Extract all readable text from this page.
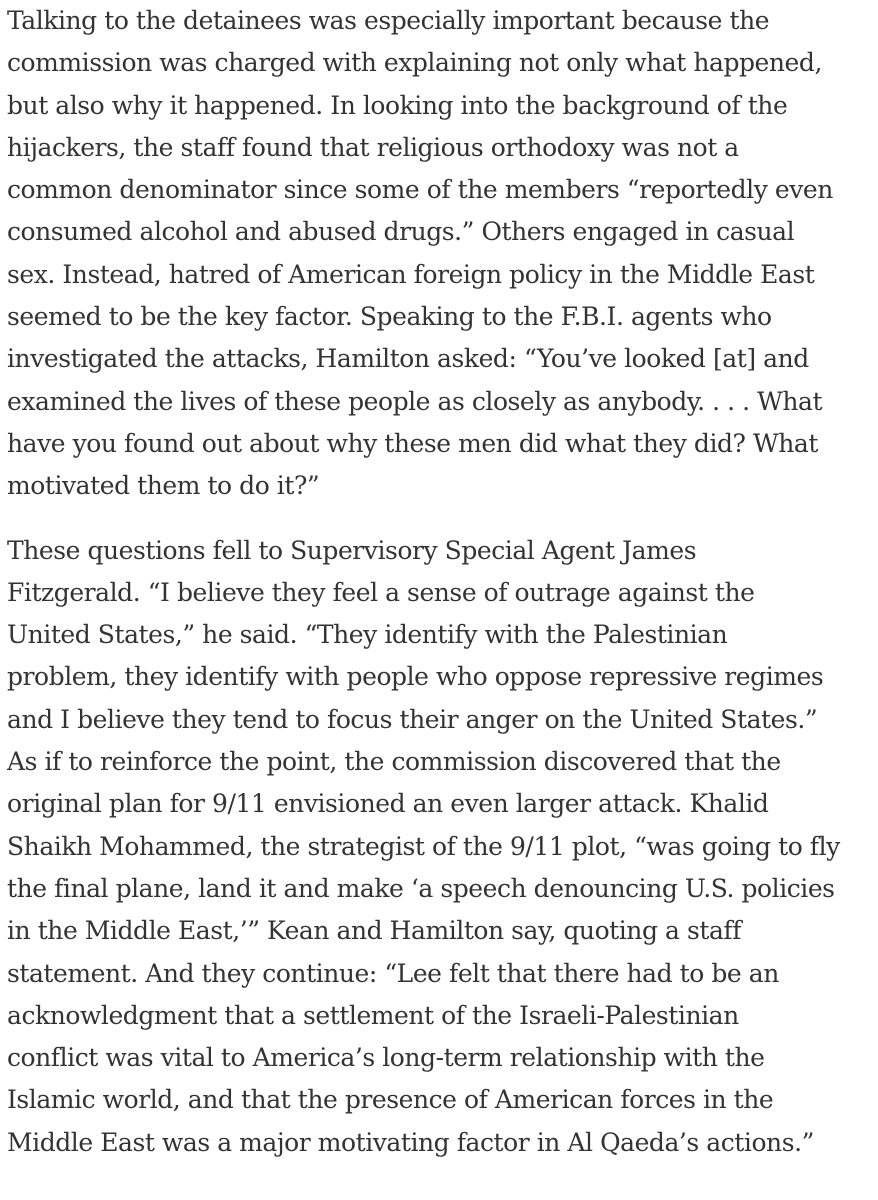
Talking to the detainees was especially important because the
commission was charged with explaining not only what happened,
but also why it happened. In looking into the background of the
hijackers, the staff found that religious orthodoxy was not a
common denominator since some of the members “reportedly even
consumed alcohol and abused drugs.” Others engaged in casual
sex. Instead, hatred of American foreign policy in the Middle East
seemed to be the key factor. Speaking to the F.B.I. agents who
investigated the attacks, Hamilton asked: “You’ve looked [at] and
examined the lives of these people as closely as anybody. . . . What
have you found out about why these men did what they did? What
motivated them to do it?”

These questions fell to Supervisory Special Agent James
Fitzgerald. “I believe they feel a sense of outrage against the
United States,” he said. “They identify with the Palestinian
problem, they identify with people who oppose repressive regimes
and I believe they tend to focus their anger on the United States.”
As if to reinforce the point, the commission discovered that the
original plan for 9/11 envisioned an even larger attack. Khalid
Shaikh Mohammed, the strategist of the 9/11 plot, “was going to fly
the final plane, land it and make ‘a speech denouncing U.S. policies
in the Middle East,’” Kean and Hamilton say, quoting a staff
statement. And they continue: “Lee felt that there had to be an
acknowledgment that a settlement of the Israeli-Palestinian
conflict was vital to America’s long-term relationship with the
Islamic world, and that the presence of American forces in the
Middle East was a major motivating factor in Al Qaeda’s actions.”
